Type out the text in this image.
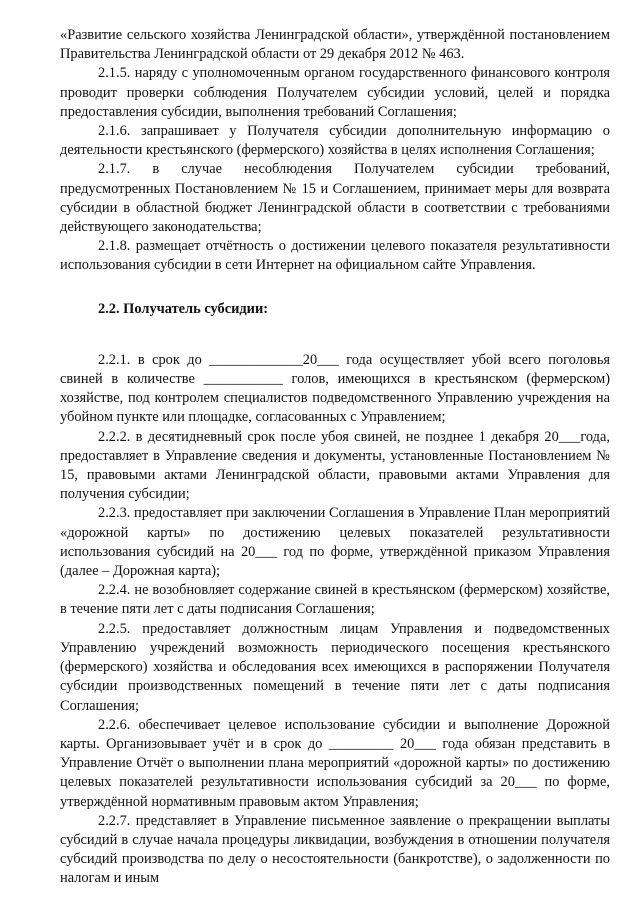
«Развитие сельского хозяйства Ленинградской области», утверждённой постановлением Правительства Ленинградской области от 29 декабря 2012 № 463.

2.1.5. наряду с уполномоченным органом государственного финансового контроля проводит проверки соблюдения Получателем субсидии условий, целей и порядка предоставления субсидии, выполнения требований Соглашения;

2.1.6. запрашивает у Получателя субсидии дополнительную информацию о деятельности крестьянского (фермерского) хозяйства в целях исполнения Соглашения;

2.1.7. в случае несоблюдения Получателем субсидии требований, предусмотренных Постановлением № 15 и Соглашением, принимает меры для возврата субсидии в областной бюджет Ленинградской области в соответствии с требованиями действующего законодательства;

2.1.8. размещает отчётность о достижении целевого показателя результативности использования субсидии в сети Интернет на официальном сайте Управления.

2.2. Получатель субсидии:

2.2.1. в срок до _____________20___ года осуществляет убой всего поголовья свиней в количестве ___________ голов, имеющихся в крестьянском (фермерском) хозяйстве, под контролем специалистов подведомственного Управлению учреждения на убойном пункте или площадке, согласованных с Управлением;

2.2.2. в десятидневный срок после убоя свиней, не позднее 1 декабря 20___года, предоставляет в Управление сведения и документы, установленные Постановлением № 15, правовыми актами Ленинградской области, правовыми актами Управления для получения субсидии;

2.2.3. предоставляет при заключении Соглашения в Управление План мероприятий «дорожной карты» по достижению целевых показателей результативности использования субсидий на 20___ год по форме, утверждённой приказом Управления (далее – Дорожная карта);

2.2.4. не возобновляет содержание свиней в крестьянском (фермерском) хозяйстве, в течение пяти лет с даты подписания Соглашения;

2.2.5. предоставляет должностным лицам Управления и подведомственных Управлению учреждений возможность периодического посещения крестьянского (фермерского) хозяйства и обследования всех имеющихся в распоряжении Получателя субсидии производственных помещений в течение пяти лет с даты подписания Соглашения;

2.2.6. обеспечивает целевое использование субсидии и выполнение Дорожной карты. Организовывает учёт и в срок до _________ 20___ года обязан представить в Управление Отчёт о выполнении плана мероприятий «дорожной карты» по достижению целевых показателей результативности использования субсидий за 20___ по форме, утверждённой нормативным правовым актом Управления;

2.2.7. представляет в Управление письменное заявление о прекращении выплаты субсидий в случае начала процедуры ликвидации, возбуждения в отношении получателя субсидий производства по делу о несостоятельности (банкротстве), о задолженности по налогам и иным
